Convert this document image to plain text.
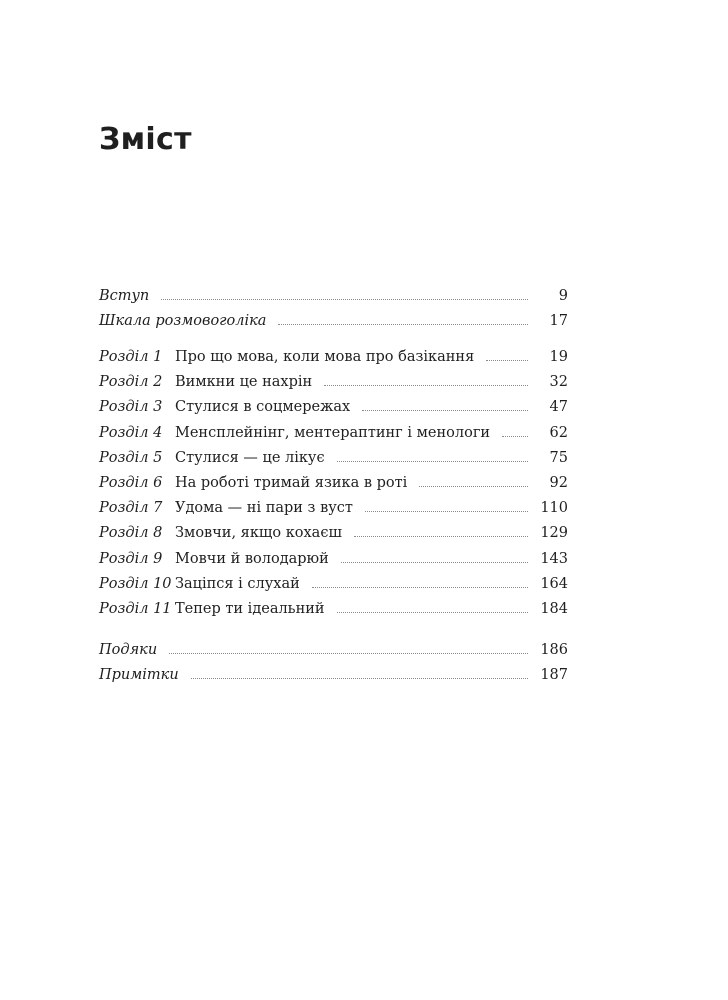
Зміст
Вступ	9
Шкала розмовоголіка	17
Розділ 1 Про що мова, коли мова про базікання	19
Розділ 2 Вимкни це нахрін	32
Розділ 3 Стулися в соцмережах	47
Розділ 4 Менсплейнінг, ментераптинг і менологи	62
Розділ 5 Стулися — це лікує	75
Розділ 6 На роботі тримай язика в роті	92
Розділ 7 Удома — ні пари з вуст	110
Розділ 8 Змовчи, якщо кохаєш	129
Розділ 9 Мовчи й володарюй	143
Розділ 10 Заціпся і слухай	164
Розділ 11 Тепер ти ідеальний	184
Подяки	186
Примітки	187
